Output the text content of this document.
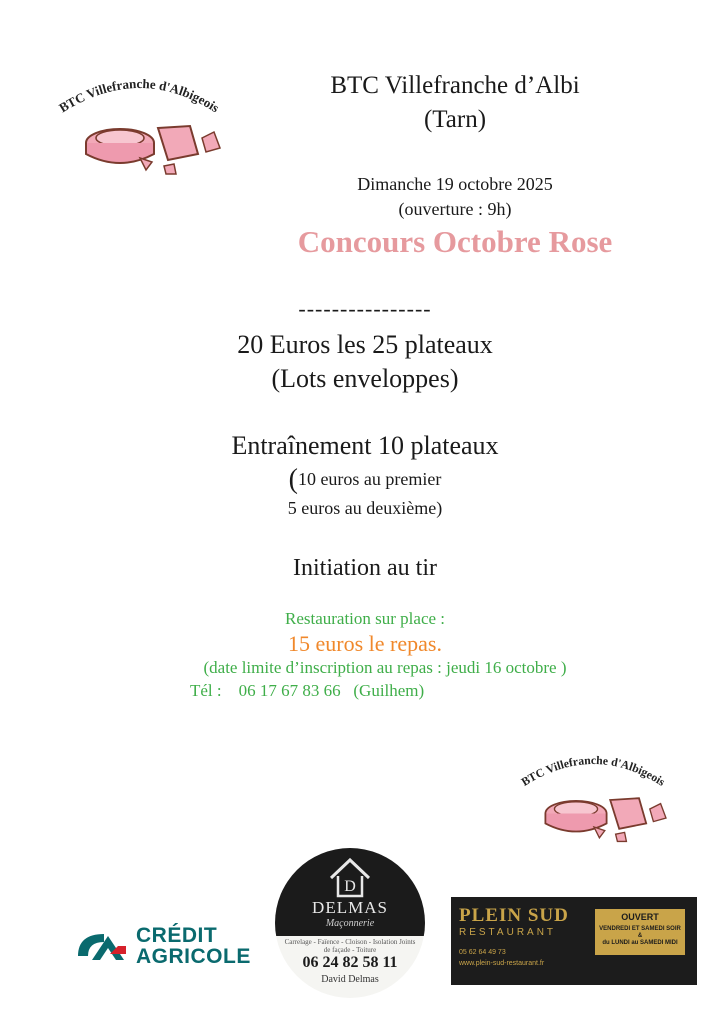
BTC Villefranche d'Albigeois
BTC Villefranche d’Albi
(Tarn)
Dimanche 19 octobre 2025
(ouverture : 9h)
Concours Octobre Rose
----------------
20 Euros les 25 plateaux
(Lots enveloppes)
Entraînement 10 plateaux
(10 euros au premier
5 euros au deuxième)
Initiation au tir
Restauration sur place :
15 euros le repas.
(date limite d’inscription au repas : jeudi 16 octobre )
Tél :    06 17 67 83 66   (Guilhem)
BTC Villefranche d'Albigeois
CRÉDIT
AGRICOLE
D
DELMAS
Maçonnerie
Carrelage - Faïence - Cloison - Isolation Joints de façade - Toiture
06 24 82 58 11
David Delmas
PLEIN SUD
RESTAURANT
05 62 64 49 73
www.plein-sud-restaurant.fr
OUVERT
VENDREDI ET SAMEDI SOIR
&
du LUNDI au SAMEDI MIDI
